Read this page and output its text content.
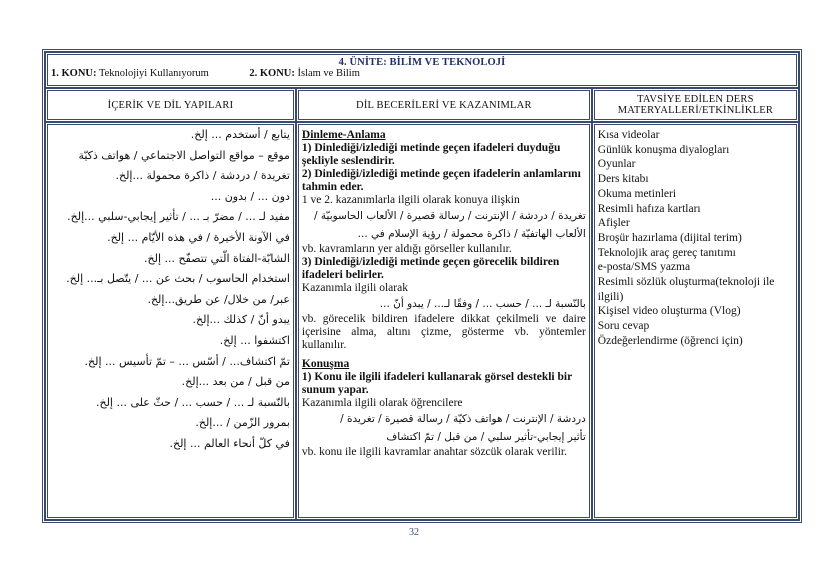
4. ÜNİTE: BİLİM VE TEKNOLOJİ
1. KONU: Teknolojiyi Kullanıyorum 2. KONU: İslam ve Bilim		

İÇERİK VE DİL YAPILARI	DİL BECERİLERİ VE KAZANIMLAR	TAVSİYE EDİLEN DERS
MATERYALLERİ/ETKİNLİKLER

يتابع / أستخدم ... إلخ.
موقع – مواقع التواصل الاجتماعي / هواتف ذكيّة
تغريدة / دردشة / ذاكرة محمولة ...إلخ.
دون ... / بدون ...
مفيد لـ ... / مضرّ بـ ... / تأثير إيجابي-سلبي ...إلخ.
في الآونة الأخيرة / في هذه الأيّام ... إلخ.
الشابّة-الفتاة الّتي تتصفّح ... إلخ.
استخدام الحاسوب / بحث عن ... / يتّصل بـ... إلخ.
عبر/ من خلال/ عن طريق...إلخ.
يبدو أنّ / كذلك ...إلخ.
اكتشفوا ... إلخ.
تمّ اكتشاف... / أسّس ... – تمّ تأسيس ... إلخ.
من قبل / من بعد ...إلخ.
بالنّسبة لـ ... / حسب ... / حثّ على ... إلخ.
بمرور الزّمن / ...إلخ.
في كلّ أنحاء العالم ... إلخ.

Dinleme-Anlama
1) Dinlediği/izlediği metinde geçen ifadeleri duyduğu şekliyle seslendirir.
2) Dinlediği/izlediği metinde geçen ifadelerin anlamlarını tahmin eder.
1 ve 2. kazanımlarla ilgili olarak konuya ilişkin
تغريدة / دردشة / الإنترنت / رسالة قصيرة / الألعاب الحاسوبيّة /
الألعاب الهاتفيّة / ذاكرة محمولة / رؤية الإسلام في ...
vb. kavramların yer aldığı görseller kullanılır.
3) Dinlediği/izlediği metinde geçen görecelik bildiren ifadeleri belirler.
Kazanımla ilgili olarak
بالنّسبة لـ ... / حسب ... / وفقًا لـ... / يبدو أنّ ...
vb. görecelik bildiren ifadelere dikkat çekilmeli ve daire içerisine alma, altını çizme, gösterme vb. yöntemler kullanılır.
Konuşma
1) Konu ile ilgili ifadeleri kullanarak görsel destekli bir sunum yapar.
Kazanımla ilgili olarak öğrencilere
دردشة / الإنترنت / هواتف ذكيّة / رسالة قصيرة / تغريدة /
تأثير إيجابي-تأثير سلبي / من قبل / تمّ اكتشاف
vb. konu ile ilgili kavramlar anahtar sözcük olarak verilir.

Kısa videolar
Günlük konuşma diyalogları
Oyunlar
Ders kitabı
Okuma metinleri
Resimli hafıza kartları
Afişler
Broşür hazırlama (dijital terim)
Teknolojik araç gereç tanıtımı
e-posta/SMS yazma
Resimli sözlük oluşturma(teknoloji ile ilgili)
Kişisel video oluşturma (Vlog)
Soru cevap
Özdeğerlendirme (öğrenci için)
32
